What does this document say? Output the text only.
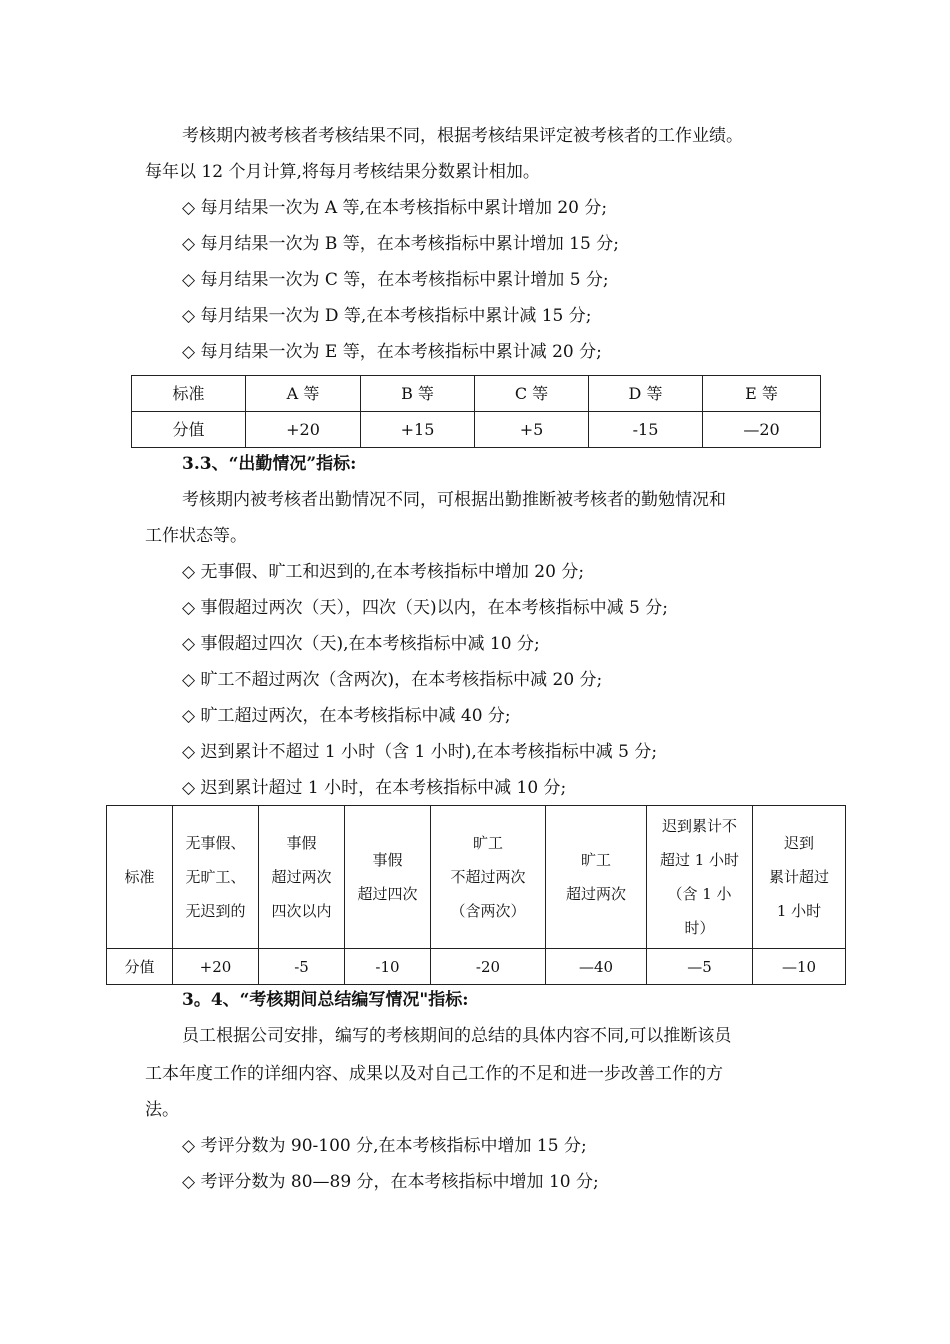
考核期内被考核者考核结果不同，根据考核结果评定被考核者的工作业绩。
每年以 12 个月计算,将每月考核结果分数累计相加。
◇ 每月结果一次为 A 等,在本考核指标中累计增加 20 分;
◇ 每月结果一次为 B 等，在本考核指标中累计增加 15 分;
◇ 每月结果一次为 C 等，在本考核指标中累计增加 5 分;
◇ 每月结果一次为 D 等,在本考核指标中累计减 15 分;
◇ 每月结果一次为 E 等，在本考核指标中累计减 20 分;
标准	A 等	B 等	C 等	D 等	E 等
分值	+20	+15	+5	-15	—20
3.3、“出勤情况”指标:
考核期内被考核者出勤情况不同，可根据出勤推断被考核者的勤勉情况和
工作状态等。
◇ 无事假、旷工和迟到的,在本考核指标中增加 20 分;
◇ 事假超过两次（天），四次（天)以内，在本考核指标中减 5 分;
◇ 事假超过四次（天),在本考核指标中减 10 分;
◇ 旷工不超过两次（含两次)，在本考核指标中减 20 分;
◇ 旷工超过两次，在本考核指标中减 40 分;
◇ 迟到累计不超过 1 小时（含 1 小时),在本考核指标中减 5 分;
◇ 迟到累计超过 1 小时，在本考核指标中减 10 分;
标准	无事假、
无旷工、
无迟到的	事假
超过两次
四次以内	事假
超过四次	旷工
不超过两次
（含两次）	旷工
超过两次	迟到累计不
超过 1 小时
（含 1 小
时）	迟到
累计超过
1 小时
分值	+20	-5	-10	-20	—40	—5	—10
3。4、“考核期间总结编写情况"指标:
员工根据公司安排，编写的考核期间的总结的具体内容不同,可以推断该员
工本年度工作的详细内容、成果以及对自己工作的不足和进一步改善工作的方
法。
◇ 考评分数为 90-100 分,在本考核指标中增加 15 分;
◇ 考评分数为 80—89 分，在本考核指标中增加 10 分;
